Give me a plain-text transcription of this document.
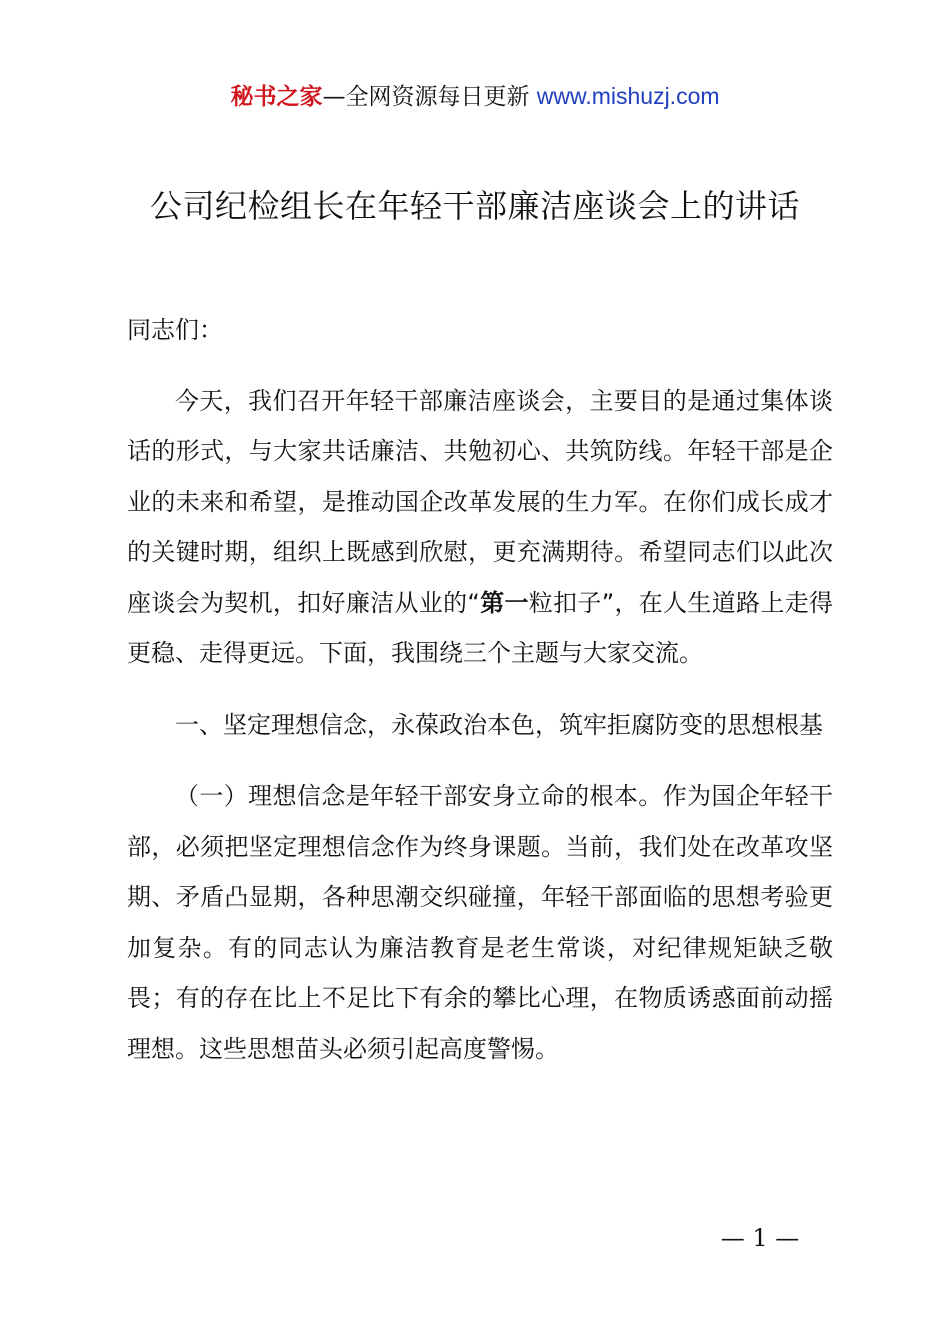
秘书之家—全网资源每日更新 www.mishuzj.com
公司纪检组长在年轻干部廉洁座谈会上的讲话

同志们：

今天，我们召开年轻干部廉洁座谈会，主要目的是通过集体谈话的形式，与大家共话廉洁、共勉初心、共筑防线。年轻干部是企业的未来和希望，是推动国企改革发展的生力军。在你们成长成才的关键时期，组织上既感到欣慰，更充满期待。希望同志们以此次座谈会为契机，扣好廉洁从业的“第一粒扣子”，在人生道路上走得更稳、走得更远。下面，我围绕三个主题与大家交流。

一、坚定理想信念，永葆政治本色，筑牢拒腐防变的思想根基

（一）理想信念是年轻干部安身立命的根本。作为国企年轻干部，必须把坚定理想信念作为终身课题。当前，我们处在改革攻坚期、矛盾凸显期，各种思潮交织碰撞，年轻干部面临的思想考验更加复杂。有的同志认为廉洁教育是老生常谈，对纪律规矩缺乏敬畏；有的存在比上不足比下有余的攀比心理，在物质诱惑面前动摇理想。这些思想苗头必须引起高度警惕。

— 1 —
